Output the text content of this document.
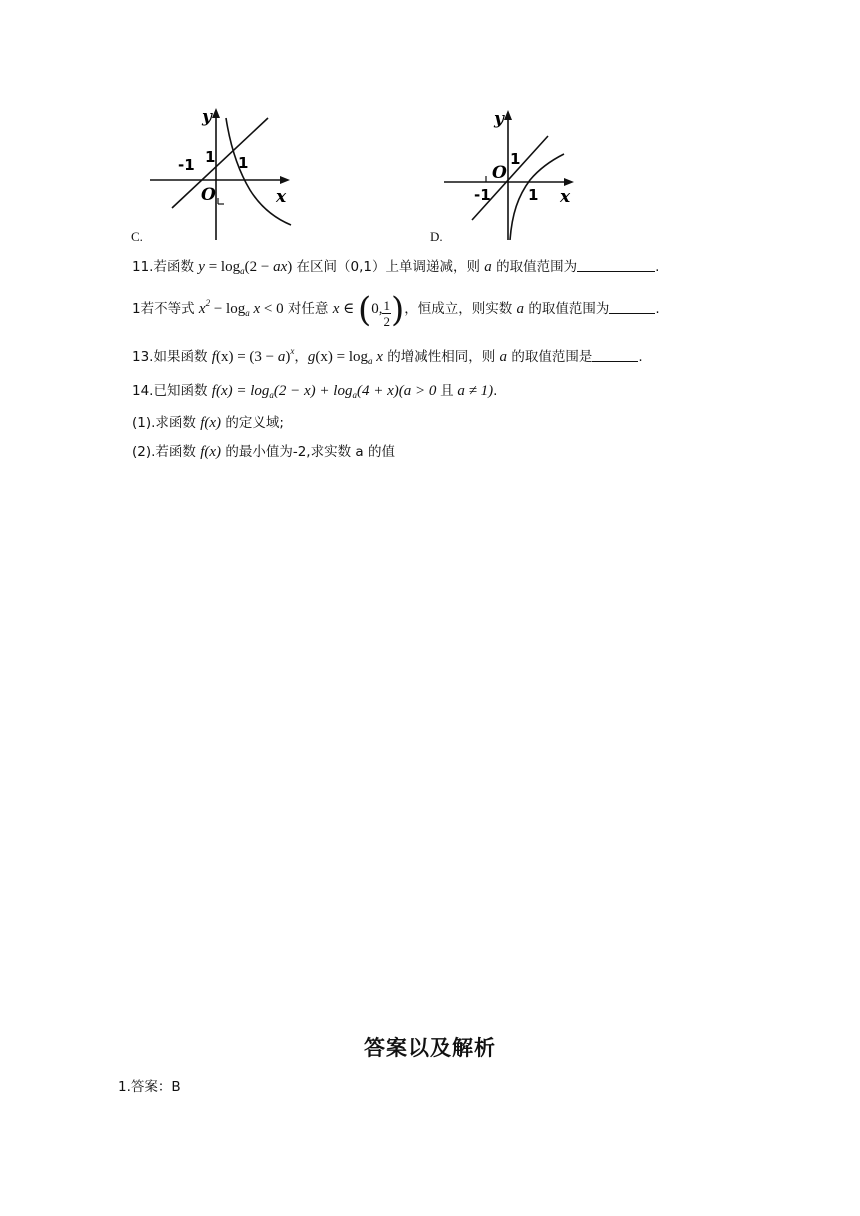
y
x
O
-1 1 1
C.
y
x
O
-1
1
1
D.
11.若函数 $y = \log_a(2 - ax)$ 在区间（0,1）上单调递减，则 a 的取值范围为	.
1若不等式 $x^2 - \log_a x < 0$ 对任意 x ∈ (0, $\frac{1}{2}$ )，恒成立，则实数 a 的取值范围为	.
13.如果函数 $f(x) = (3 - a)^x$，$g(x) = \log_a x$ 的增减性相同，则 a 的取值范围是	.
14.已知函数 $f(x) = \log_a(2 - x) + \log_a(4 + x)(a > 0$ 且 a ≠ 1).
(1).求函数 f(x) 的定义域;
(2).若函数 f(x) 的最小值为-2,求实数 a 的值
答案以及解析
1.答案：B
